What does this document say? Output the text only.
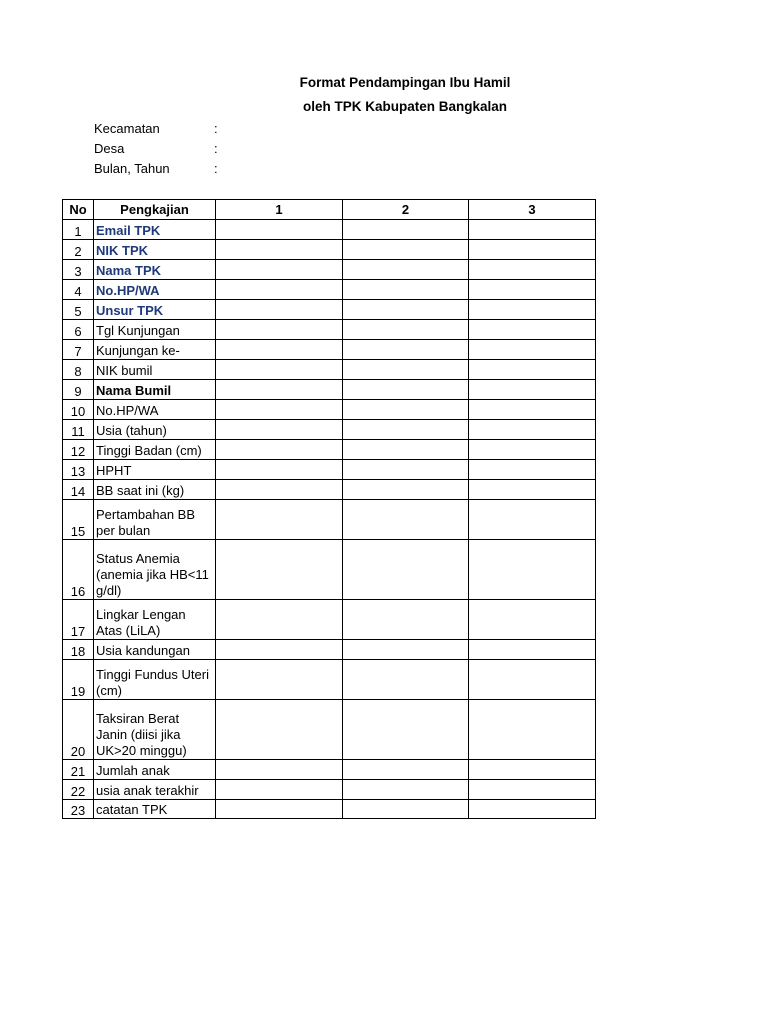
Format Pendampingan Ibu Hamil
oleh TPK Kabupaten Bangkalan
Kecamatan	:
Desa	:
Bulan, Tahun	:
No	Pengkajian	1	2	3
1	Email TPK			
2	NIK TPK			
3	Nama TPK			
4	No.HP/WA			
5	Unsur TPK			
6	Tgl Kunjungan			
7	Kunjungan ke-			
8	NIK bumil			
9	Nama Bumil			
10	No.HP/WA			
11	Usia (tahun)			
12	Tinggi Badan (cm)			
13	HPHT			
14	BB saat ini (kg)			
15	Pertambahan BB per bulan			
16	Status Anemia (anemia jika HB<11 g/dl)			
17	Lingkar Lengan Atas (LiLA)			
18	Usia kandungan			
19	Tinggi Fundus Uteri (cm)			
20	Taksiran Berat Janin (diisi jika UK>20 minggu)			
21	Jumlah anak			
22	usia anak terakhir			
23	catatan TPK			
